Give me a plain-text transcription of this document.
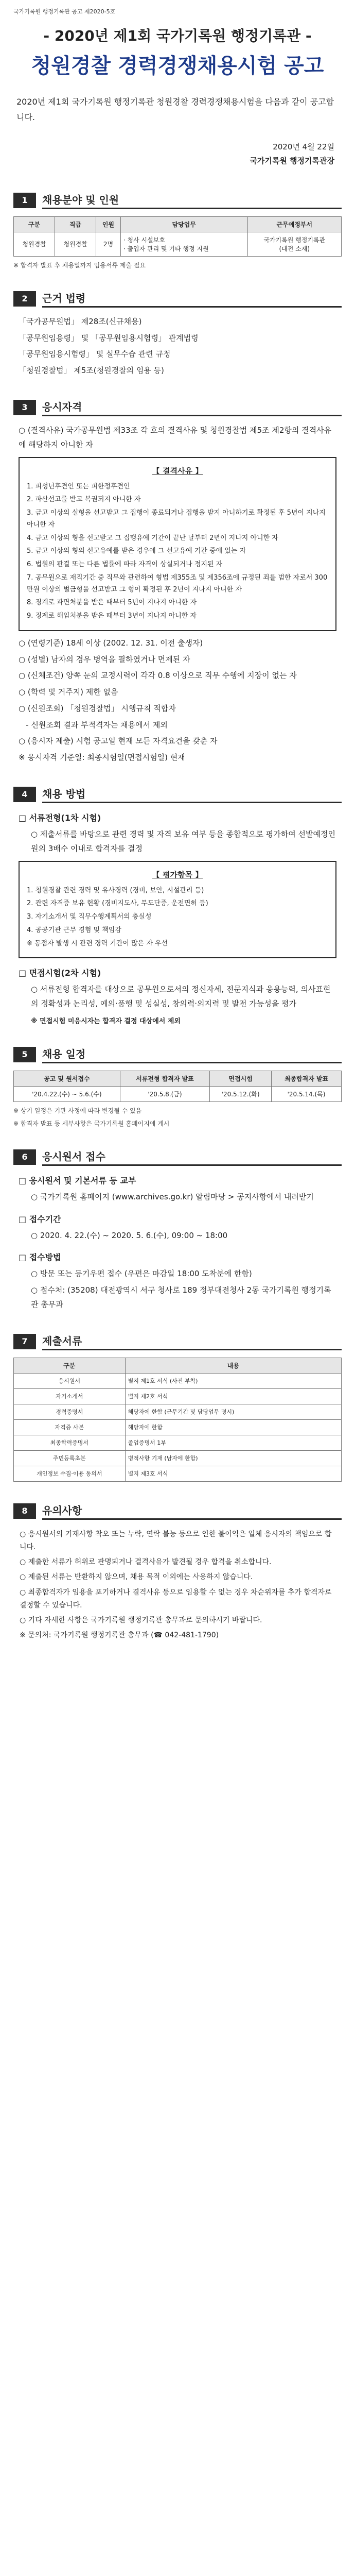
국가기록원 행정기록관 공고 제2020-5호
- 2020년 제1회 국가기록원 행정기록관 -
청원경찰 경력경쟁채용시험 공고
2020년 제1회 국가기록원 행정기록관 청원경찰 경력경쟁채용시험을 다음과 같이 공고합니다.
2020년 4월 22일
국가기록원 행정기록관장
1	채용분야 및 인원
구분	직급	인원	담당업무	근무예정부서
청원경찰	청원경찰	2명	· 청사 시설보호
· 출입자 관리 및 기타 행정 지원	국가기록원 행정기록관
(대전 소재)
※ 합격자 발표 후 채용일까지 임용서류 제출 필요
2	근거 법령

「국가공무원법」 제28조(신규채용)

「공무원임용령」 및 「공무원임용시험령」 관계법령

「공무원임용시험령」 및 실무수습 관련 규정

「청원경찰법」 제5조(청원경찰의 임용 등)

3	응시자격

○ (결격사유) 국가공무원법 제33조 각 호의 결격사유 및 청원경찰법 제5조 제2항의 결격사유에 해당하지 아니한 자

【 결격사유 】

1. 피성년후견인 또는 피한정후견인

2. 파산선고를 받고 복권되지 아니한 자

3. 금고 이상의 실형을 선고받고 그 집행이 종료되거나 집행을 받지 아니하기로 확정된 후 5년이 지나지 아니한 자

4. 금고 이상의 형을 선고받고 그 집행유예 기간이 끝난 날부터 2년이 지나지 아니한 자

5. 금고 이상의 형의 선고유예를 받은 경우에 그 선고유예 기간 중에 있는 자

6. 법원의 판결 또는 다른 법률에 따라 자격이 상실되거나 정지된 자

7. 공무원으로 재직기간 중 직무와 관련하여 형법 제355조 및 제356조에 규정된 죄를 범한 자로서 300만원 이상의 벌금형을 선고받고 그 형이 확정된 후 2년이 지나지 아니한 자

8. 징계로 파면처분을 받은 때부터 5년이 지나지 아니한 자

9. 징계로 해임처분을 받은 때부터 3년이 지나지 아니한 자

○ (연령기준) 18세 이상 (2002. 12. 31. 이전 출생자)

○ (성별) 남자의 경우 병역을 필하였거나 면제된 자

○ (신체조건) 양쪽 눈의 교정시력이 각각 0.8 이상으로 직무 수행에 지장이 없는 자

○ (학력 및 거주지) 제한 없음

○ (신원조회) 「청원경찰법」 시행규칙 적합자

- 신원조회 결과 부적격자는 채용에서 제외

○ (응시자 제출) 시험 공고일 현재 모든 자격요건을 갖춘 자

※ 응시자격 기준일: 최종시험일(면접시험일) 현재

4	채용 방법
□ 서류전형(1차 시험)
○ 제출서류를 바탕으로 관련 경력 및 자격 보유 여부 등을 종합적으로 평가하여 선발예정인원의 3배수 이내로 합격자를 결정
【 평가항목 】

1. 청원경찰 관련 경력 및 유사경력 (경비, 보안, 시설관리 등)

2. 관련 자격증 보유 현황 (경비지도사, 무도단증, 운전면허 등)

3. 자기소개서 및 직무수행계획서의 충실성

4. 공공기관 근무 경험 및 책임감

※ 동점자 발생 시 관련 경력 기간이 많은 자 우선

□ 면접시험(2차 시험)
○ 서류전형 합격자를 대상으로 공무원으로서의 정신자세, 전문지식과 응용능력, 의사표현의 정확성과 논리성, 예의·품행 및 성실성, 창의력·의지력 및 발전 가능성을 평가
※ 면접시험 미응시자는 합격자 결정 대상에서 제외
5	채용 일정
공고 및 원서접수	서류전형 합격자 발표	면접시험	최종합격자 발표
'20.4.22.(수) ~ 5.6.(수)	'20.5.8.(금)	'20.5.12.(화)	'20.5.14.(목)
※ 상기 일정은 기관 사정에 따라 변경될 수 있음
※ 합격자 발표 등 세부사항은 국가기록원 홈페이지에 게시
6	응시원서 접수
□ 응시원서 및 기본서류 등 교부
○ 국가기록원 홈페이지 (www.archives.go.kr) 알림마당 > 공지사항에서 내려받기
□ 접수기간
○ 2020. 4. 22.(수) ~ 2020. 5. 6.(수), 09:00 ~ 18:00
□ 접수방법
○ 방문 또는 등기우편 접수 (우편은 마감일 18:00 도착분에 한함)
○ 접수처: (35208) 대전광역시 서구 청사로 189 정부대전청사 2동 국가기록원 행정기록관 총무과
7	제출서류
구분	내용
응시원서	별지 제1호 서식 (사진 부착)
자기소개서	별지 제2호 서식
경력증명서	해당자에 한함 (근무기간 및 담당업무 명시)
자격증 사본	해당자에 한함
최종학력증명서	졸업증명서 1부
주민등록초본	병적사항 기재 (남자에 한함)
개인정보 수집·이용 동의서	별지 제3호 서식
8	유의사항

○ 응시원서의 기재사항 착오 또는 누락, 연락 불능 등으로 인한 불이익은 일체 응시자의 책임으로 합니다.

○ 제출한 서류가 허위로 판명되거나 결격사유가 발견될 경우 합격을 취소합니다.

○ 제출된 서류는 반환하지 않으며, 채용 목적 이외에는 사용하지 않습니다.

○ 최종합격자가 임용을 포기하거나 결격사유 등으로 임용할 수 없는 경우 차순위자를 추가 합격자로 결정할 수 있습니다.

○ 기타 자세한 사항은 국가기록원 행정기록관 총무과로 문의하시기 바랍니다.

※ 문의처: 국가기록원 행정기록관 총무과 (☎ 042-481-1790)
